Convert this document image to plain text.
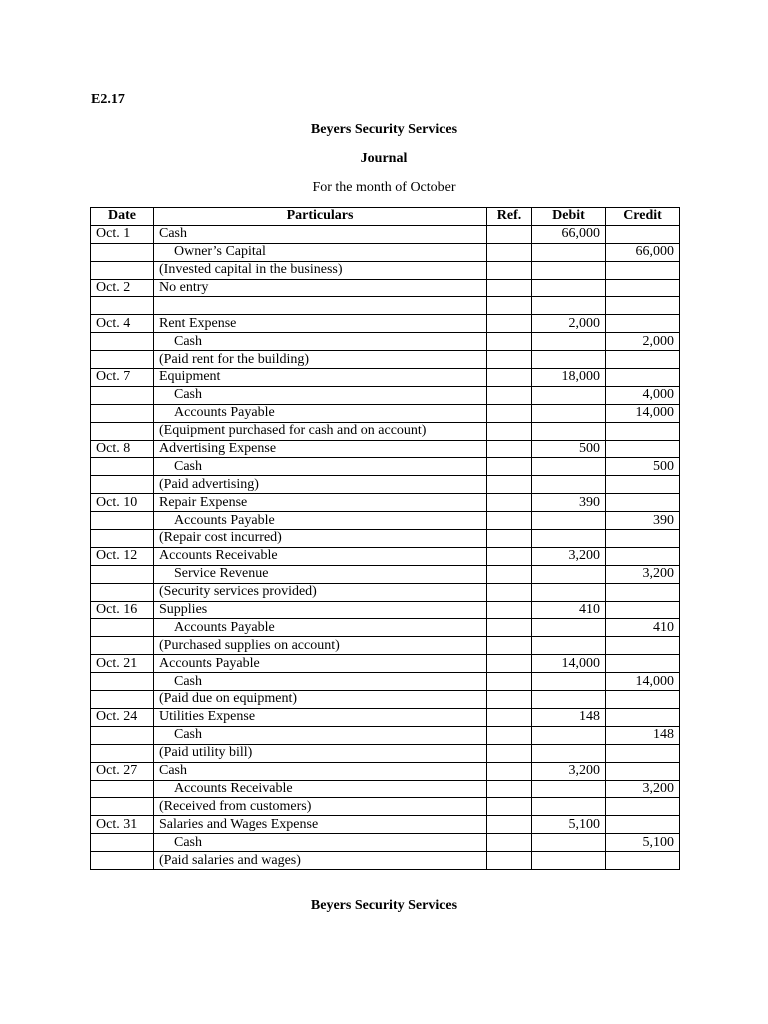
E2.17
Beyers Security Services
Journal
For the month of October
Date	Particulars	Ref.	Debit	Credit
Oct. 1	Cash		66,000	
	Owner’s Capital			66,000
	(Invested capital in the business)			
Oct. 2	No entry			

Oct. 4	Rent Expense		2,000	
	Cash			2,000
	(Paid rent for the building)			
Oct. 7	Equipment		18,000	
	Cash			4,000
	Accounts Payable			14,000
	(Equipment purchased for cash and on account)			
Oct. 8	Advertising Expense		500	
	Cash			500
	(Paid advertising)			
Oct. 10	Repair Expense		390	
	Accounts Payable			390
	(Repair cost incurred)			
Oct. 12	Accounts Receivable		3,200	
	Service Revenue			3,200
	(Security services provided)			
Oct. 16	Supplies		410	
	Accounts Payable			410
	(Purchased supplies on account)			
Oct. 21	Accounts Payable		14,000	
	Cash			14,000
	(Paid due on equipment)			
Oct. 24	Utilities Expense		148	
	Cash			148
	(Paid utility bill)			
Oct. 27	Cash		3,200	
	Accounts Receivable			3,200
	(Received from customers)			
Oct. 31	Salaries and Wages Expense		5,100	
	Cash			5,100
	(Paid salaries and wages)			
Beyers Security Services
